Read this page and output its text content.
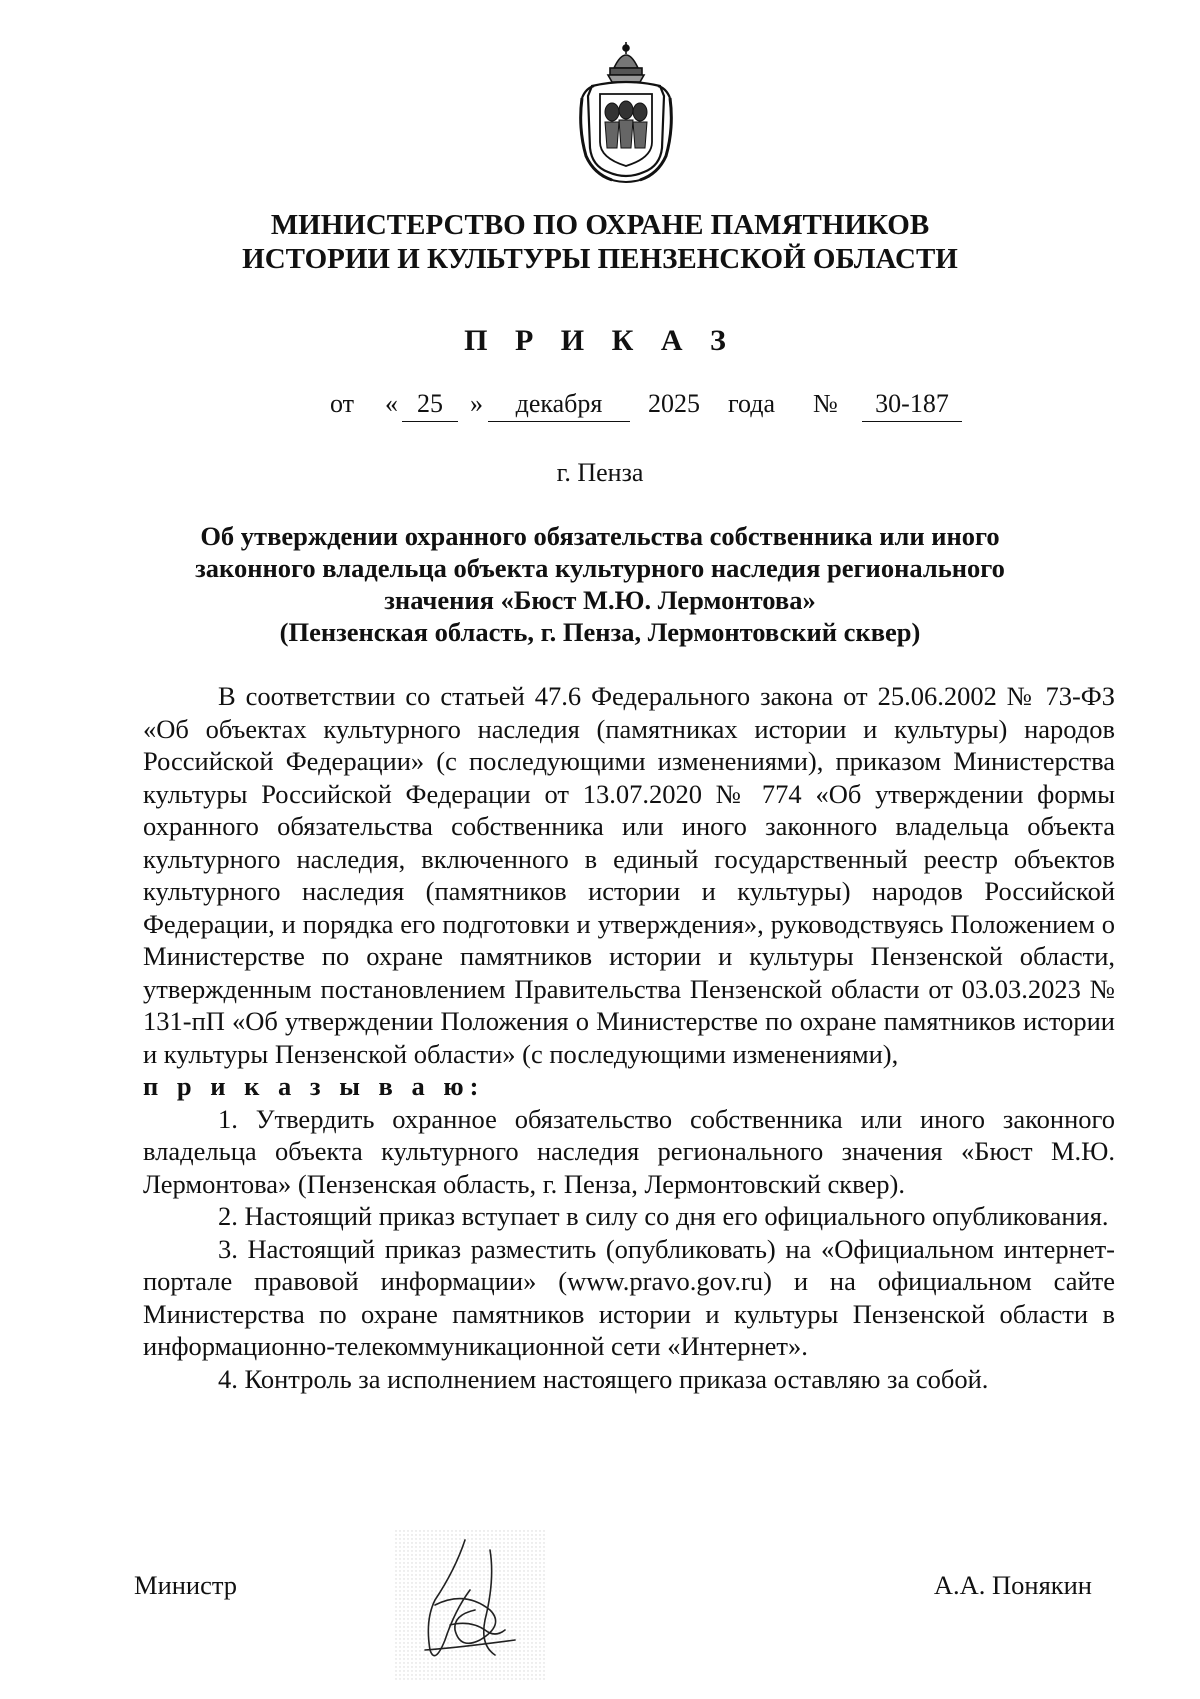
МИНИСТЕРСТВО ПО ОХРАНЕ ПАМЯТНИКОВ
ИСТОРИИ И КУЛЬТУРЫ ПЕНЗЕНСКОЙ ОБЛАСТИ
П Р И К А З
от « 25	»	декабря	2025 года №	30-187
г. Пенза
Об утверждении охранного обязательства собственника или иного
законного владельца объекта культурного наследия регионального
значения «Бюст М.Ю. Лермонтова»
(Пензенская область, г. Пенза, Лермонтовский сквер)

В соответствии со статьей 47.6 Федерального закона от 25.06.2002 № 73-ФЗ «Об объектах культурного наследия (памятниках истории и культуры) народов Российской Федерации» (с последующими изменениями), приказом Министерства культуры Российской Федерации от 13.07.2020 № 774 «Об утверждении формы охранного обязательства собственника или иного законного владельца объекта культурного наследия, включенного в единый государственный реестр объектов культурного наследия (памятников истории и культуры) народов Российской Федерации, и порядка его подготовки и утверждения», руководствуясь Положением о Министерстве по охране памятников истории и культуры Пензенской области, утвержденным постановлением Правительства Пензенской области от 03.03.2023 № 131-пП «Об утверждении Положения о Министерстве по охране памятников истории и культуры Пензенской области» (с последующими изменениями),

п р и к а з ы в а ю:

1. Утвердить охранное обязательство собственника или иного законного владельца объекта культурного наследия регионального значения «Бюст М.Ю. Лермонтова» (Пензенская область, г. Пенза, Лермонтовский сквер).

2. Настоящий приказ вступает в силу со дня его официального опубликования.

3. Настоящий приказ разместить (опубликовать) на «Официальном интернет-портале правовой информации» (www.pravo.gov.ru) и на официальном сайте Министерства по охране памятников истории и культуры Пензенской области в информационно-телекоммуникационной сети «Интернет».

4. Контроль за исполнением настоящего приказа оставляю за собой.

Министр	А.А. Понякин
